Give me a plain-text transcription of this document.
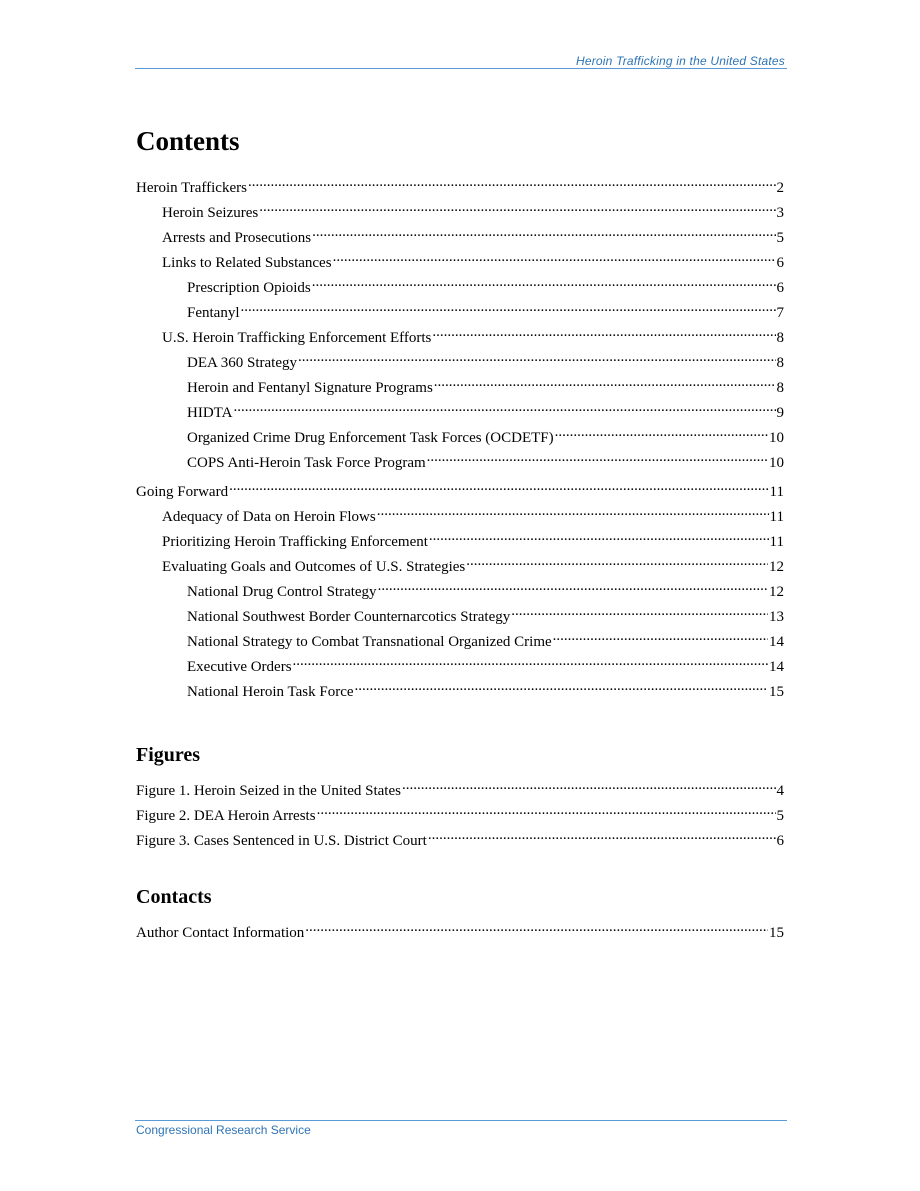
Heroin Trafficking in the United States
Contents
Heroin Traffickers .....	2
Heroin Seizures .....	3
Arrests and Prosecutions .....	5
Links to Related Substances .....	6
Prescription Opioids .....	6
Fentanyl .....	7
U.S. Heroin Trafficking Enforcement Efforts .....	8
DEA 360 Strategy .....	8
Heroin and Fentanyl Signature Programs .....	8
HIDTA .....	9
Organized Crime Drug Enforcement Task Forces (OCDETF) .....	10
COPS Anti-Heroin Task Force Program .....	10
Going Forward .....	11
Adequacy of Data on Heroin Flows .....	11
Prioritizing Heroin Trafficking Enforcement .....	11
Evaluating Goals and Outcomes of U.S. Strategies .....	12
National Drug Control Strategy .....	12
National Southwest Border Counternarcotics Strategy .....	13
National Strategy to Combat Transnational Organized Crime .....	14
Executive Orders .....	14
National Heroin Task Force .....	15
Figures
Figure 1. Heroin Seized in the United States .....	4
Figure 2. DEA Heroin Arrests .....	5
Figure 3. Cases Sentenced in U.S. District Court .....	6
Contacts
Author Contact Information .....	15
Congressional Research Service
